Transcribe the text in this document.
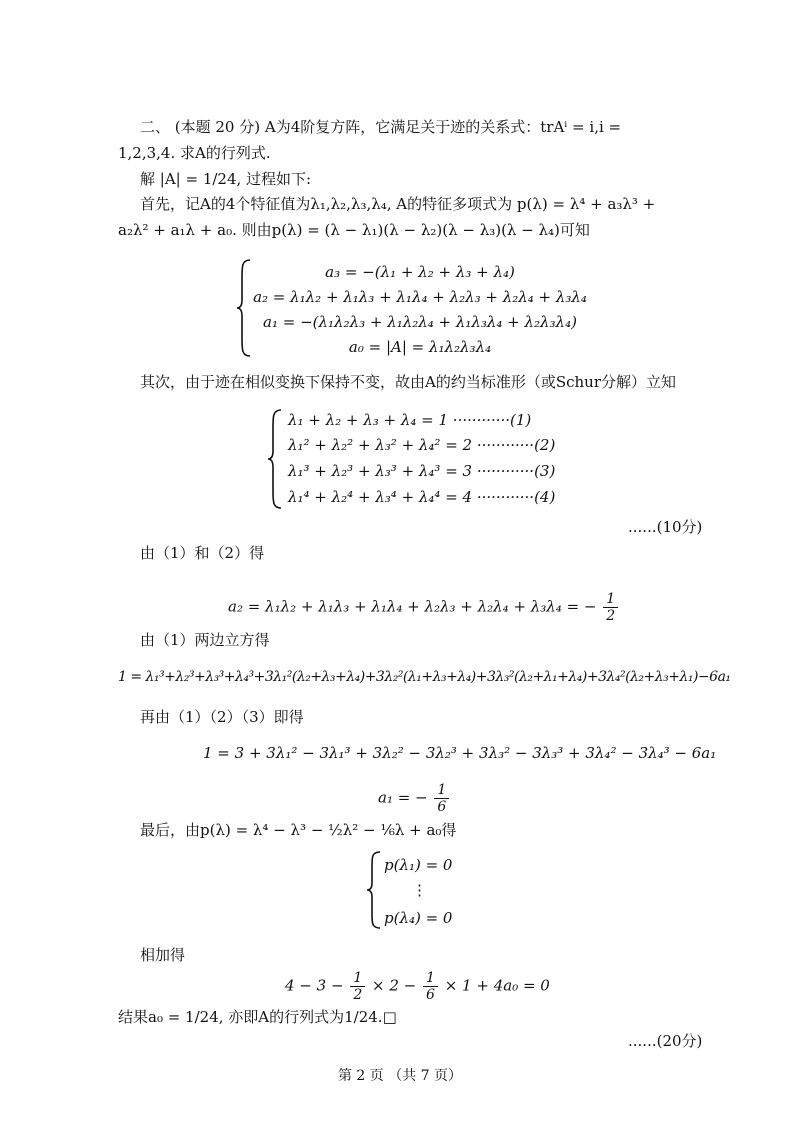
二、 (本题 20 分) A为4阶复方阵，它满足关于迹的关系式：trAⁱ = i,i =
1,2,3,4. 求A的行列式.
解 |A| = 1/24, 过程如下:
首先，记A的4个特征值为λ₁,λ₂,λ₃,λ₄, A的特征多项式为 p(λ) = λ⁴ + a₃λ³ +
a₂λ² + a₁λ + a₀. 则由p(λ) = (λ − λ₁)(λ − λ₂)(λ − λ₃)(λ − λ₄)可知
a₃ = −(λ₁ + λ₂ + λ₃ + λ₄)
a₂ = λ₁λ₂ + λ₁λ₃ + λ₁λ₄ + λ₂λ₃ + λ₂λ₄ + λ₃λ₄
a₁ = −(λ₁λ₂λ₃ + λ₁λ₂λ₄ + λ₁λ₃λ₄ + λ₂λ₃λ₄)
a₀ = |A| = λ₁λ₂λ₃λ₄
其次，由于迹在相似变换下保持不变，故由A的约当标准形（或Schur分解）立知
λ₁ + λ₂ + λ₃ + λ₄ = 1 ············(1)
λ₁² + λ₂² + λ₃² + λ₄² = 2 ············(2)
λ₁³ + λ₂³ + λ₃³ + λ₄³ = 3 ············(3)
λ₁⁴ + λ₂⁴ + λ₃⁴ + λ₄⁴ = 4 ············(4)
......(10分)
由（1）和（2）得
a₂ = λ₁λ₂ + λ₁λ₃ + λ₁λ₄ + λ₂λ₃ + λ₂λ₄ + λ₃λ₄ = − $\frac{1}{2}$
由（1）两边立方得
1 = λ₁³+λ₂³+λ₃³+λ₄³+3λ₁²(λ₂+λ₃+λ₄)+3λ₂²(λ₁+λ₃+λ₄)+3λ₃²(λ₂+λ₁+λ₄)+3λ₄²(λ₂+λ₃+λ₁)−6a₁
再由（1）（2）（3）即得
1 = 3 + 3λ₁² − 3λ₁³ + 3λ₂² − 3λ₂³ + 3λ₃² − 3λ₃³ + 3λ₄² − 3λ₄³ − 6a₁
a₁ = − $\frac{1}{6}$
最后，由p(λ) = λ⁴ − λ³ − ½λ² − ⅙λ + a₀得
p(λ₁) = 0
⋮
p(λ₄) = 0
相加得
$4 - 3 - \frac{1}{2} \times 2 - \frac{1}{6} \times 1 + 4a_0 = 0$
结果a₀ = 1/24, 亦即A的行列式为1/24.□
......(20分)
第 2 页 （共 7 页）
